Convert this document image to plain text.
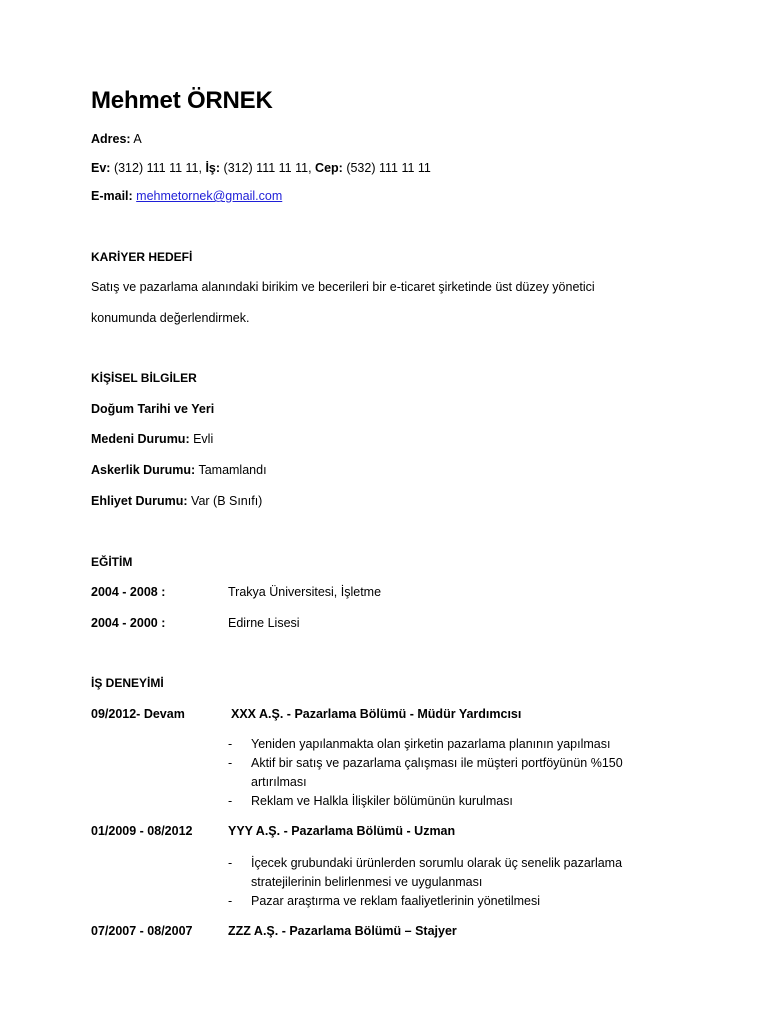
Mehmet ÖRNEK
Adres: A
Ev: (312) 111 11 11, İş: (312) 111 11 11, Cep: (532) 111 11 11
E-mail: mehmetornek@gmail.com
KARİYER HEDEFİ
Satış ve pazarlama alanındaki birikim ve becerileri bir e-ticaret şirketinde üst düzey yönetici
konumunda değerlendirmek.
KİŞİSEL BİLGİLER
Doğum Tarihi ve Yeri
Medeni Durumu: Evli
Askerlik Durumu: Tamamlandı
Ehliyet Durumu: Var (B Sınıfı)
EĞİTİM
2004 - 2008 :	Trakya Üniversitesi, İşletme
2004 - 2000 :	Edirne Lisesi
İŞ DENEYİMİ
09/2012- Devam	XXX A.Ş. - Pazarlama Bölümü - Müdür Yardımcısı
- Yeniden yapılanmakta olan şirketin pazarlama planının yapılması
- Aktif bir satış ve pazarlama çalışması ile müşteri portföyünün %150 artırılması
- Reklam ve Halkla İlişkiler bölümünün kurulması
01/2009 - 08/2012	YYY A.Ş. - Pazarlama Bölümü - Uzman
- İçecek grubundaki ürünlerden sorumlu olarak üç senelik pazarlama stratejilerinin belirlenmesi ve uygulanması
- Pazar araştırma ve reklam faaliyetlerinin yönetilmesi
07/2007 - 08/2007	ZZZ A.Ş. - Pazarlama Bölümü – Stajyer
